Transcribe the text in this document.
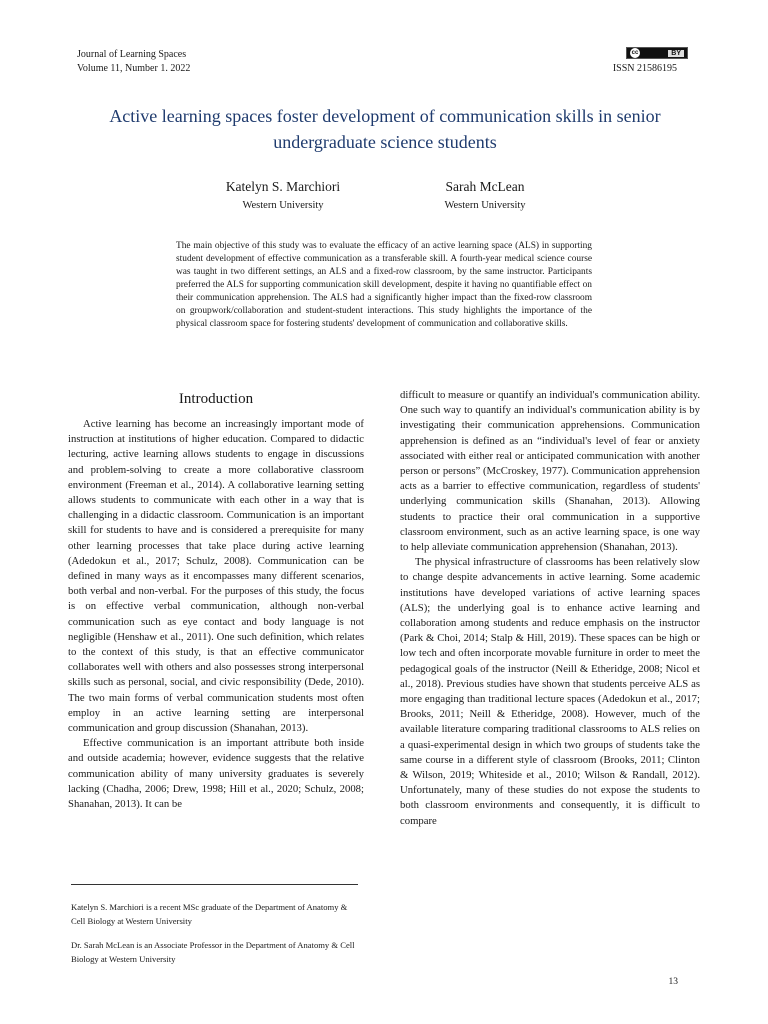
Journal of Learning Spaces
Volume 11, Number 1. 2022
cc	BY
ISSN 21586195
Active learning spaces foster development of communication skills in senior undergraduate science students
Katelyn S. Marchiori
Western University
Sarah McLean
Western University
The main objective of this study was to evaluate the efficacy of an active learning space (ALS) in supporting student development of effective communication as a transferable skill. A fourth-year medical science course was taught in two different settings, an ALS and a fixed-row classroom, by the same instructor. Participants preferred the ALS for supporting communication skill development, despite it having no quantifiable effect on their communication apprehension. The ALS had a significantly higher impact than the fixed-row classroom on groupwork/collaboration and student-student interactions. This study highlights the importance of the physical classroom space for fostering students' development of communication and collaborative skills.
Introduction

Active learning has become an increasingly important mode of instruction at institutions of higher education. Compared to didactic lecturing, active learning allows students to engage in discussions and problem-solving to create a more collaborative classroom environment (Freeman et al., 2014). A collaborative learning setting allows students to communicate with each other in a way that is challenging in a didactic classroom. Communication is an important skill for students to have and is considered a prerequisite for many other learning processes that take place during active learning (Adedokun et al., 2017; Schulz, 2008). Communication can be defined in many ways as it encompasses many different scenarios, both verbal and non-verbal. For the purposes of this study, the focus is on effective verbal communication, although non-verbal communication such as eye contact and body language is not negligible (Henshaw et al., 2011). One such definition, which relates to the context of this study, is that an effective communicator collaborates well with others and also possesses strong interpersonal skills such as personal, social, and civic responsibility (Dede, 2010). The two main forms of verbal communication students most often employ in an active learning setting are interpersonal communication and group discussion (Shanahan, 2013).

Effective communication is an important attribute both inside and outside academia; however, evidence suggests that the relative communication ability of many university graduates is severely lacking (Chadha, 2006; Drew, 1998; Hill et al., 2020; Schulz, 2008; Shanahan, 2013). It can be

difficult to measure or quantify an individual's communication ability. One such way to quantify an individual's communication ability is by investigating their communication apprehensions. Communication apprehension is defined as an “individual's level of fear or anxiety associated with either real or anticipated communication with another person or persons” (McCroskey, 1977). Communication apprehension acts as a barrier to effective communication, regardless of students' underlying communication skills (Shanahan, 2013). Allowing students to practice their oral communication in a supportive classroom environment, such as an active learning space, is one way to help alleviate communication apprehension (Shanahan, 2013).

The physical infrastructure of classrooms has been relatively slow to change despite advancements in active learning. Some academic institutions have developed variations of active learning spaces (ALS); the underlying goal is to enhance active learning and collaboration among students and reduce emphasis on the instructor (Park & Choi, 2014; Stalp & Hill, 2019). These spaces can be high or low tech and often incorporate movable furniture in order to meet the pedagogical goals of the instructor (Neill & Etheridge, 2008; Nicol et al., 2018). Previous studies have shown that students perceive ALS as more engaging than traditional lecture spaces (Adedokun et al., 2017; Brooks, 2011; Neill & Etheridge, 2008). However, much of the available literature comparing traditional classrooms to ALS relies on a quasi-experimental design in which two groups of students take the same course in a different style of classroom (Brooks, 2011; Clinton & Wilson, 2019; Whiteside et al., 2010; Wilson & Randall, 2012). Unfortunately, many of these studies do not expose the students to both classroom environments and consequently, it is difficult to compare

Katelyn S. Marchiori is a recent MSc graduate of the Department of Anatomy & Cell Biology at Western University
Dr. Sarah McLean is an Associate Professor in the Department of Anatomy & Cell Biology at Western University
13
